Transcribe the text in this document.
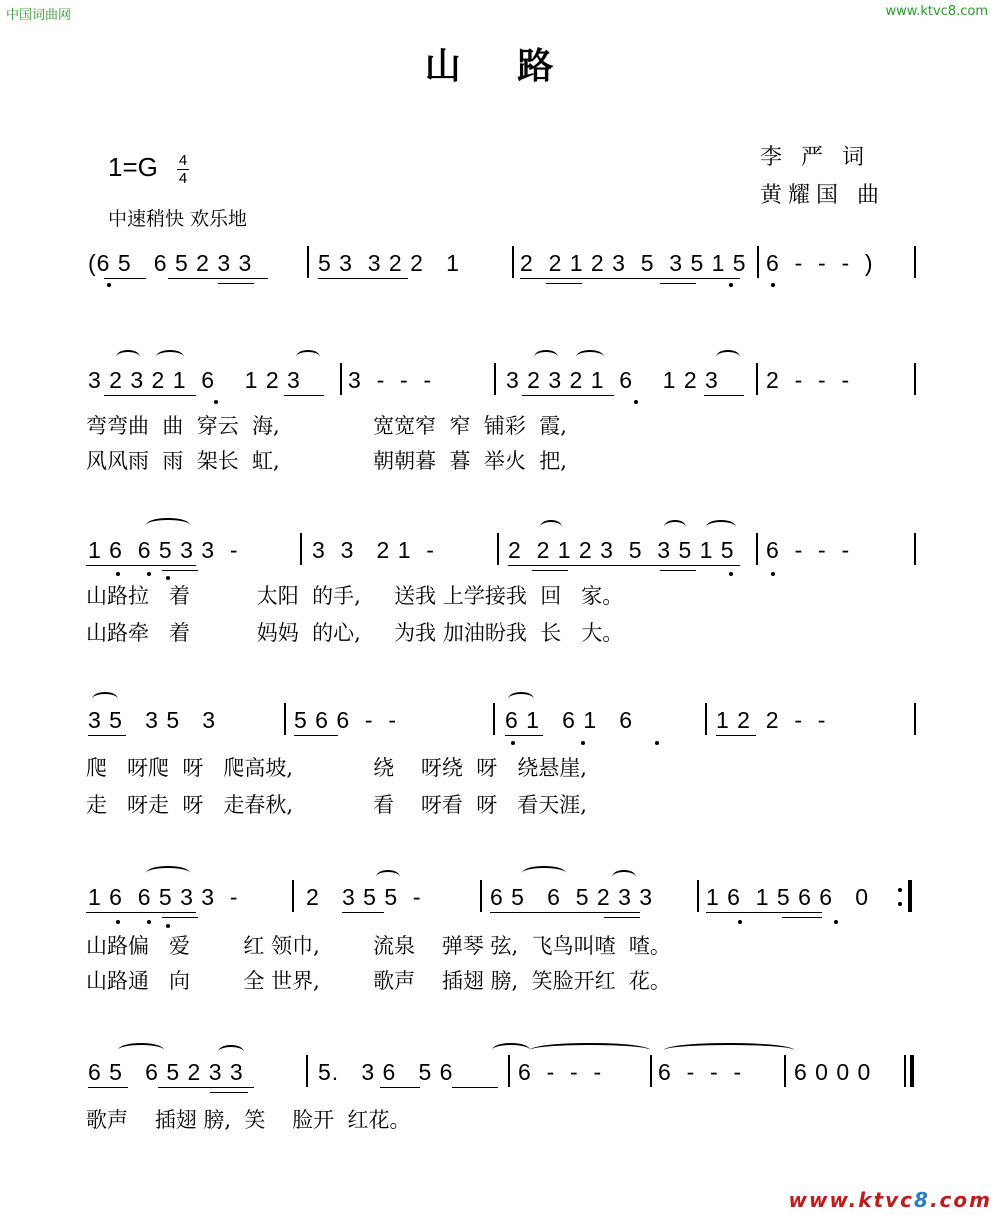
中国词曲网	www.ktvc8.com
山 路
李 严 词
黄耀国 曲
1=G 4
4
中速稍快 欢乐地
(6 5   6 5 2 3 3	5 3  3 2 2   1	2  2 1 2 3  5  3 5 1 5 6  -  -  -  )
3 2 3 2 1  6    1 2 3 3  -  -  -	3 2 3 2 1  6    1 2 3 2  -  -  -
弯弯曲  曲  穿云  海,              宽宽窄  窄  铺彩  霞,
风风雨  雨  架长  虹,              朝朝暮  暮  举火  把,
1 6  6 5 3 3  -	3  3   2 1  -	2  2 1 2 3  5  3 5 1 5 6  -  -  -
山路拉   着          太阳  的手,     送我 上学接我  回   家。
山路牵   着          妈妈  的心,     为我 加油盼我  长   大。
3 5   3 5   3	5 6 6  -  -	6 1   6 1   6	1 2  2  -  -
爬   呀爬  呀   爬高坡,            绕    呀绕  呀   绕悬崖,
走   呀走  呀   走春秋,            看    呀看  呀   看天涯,
1 6  6 5 3 3  -	2   3 5 5  -	6 5   6  5 2 3 3 1 6  1 5 6 6   0
山路偏   爱        红 领巾,        流泉    弹琴 弦,  飞鸟叫喳  喳。
山路通   向        全 世界,        歌声    插翅 膀,  笑脸开红  花。
6 5   6 5 2 3 3	5.   3 6   5 6	6  -  -  - 6  -  -  - 6 0 0 0
歌声    插翅 膀,  笑    脸开  红花。
www.ktvc8.com
